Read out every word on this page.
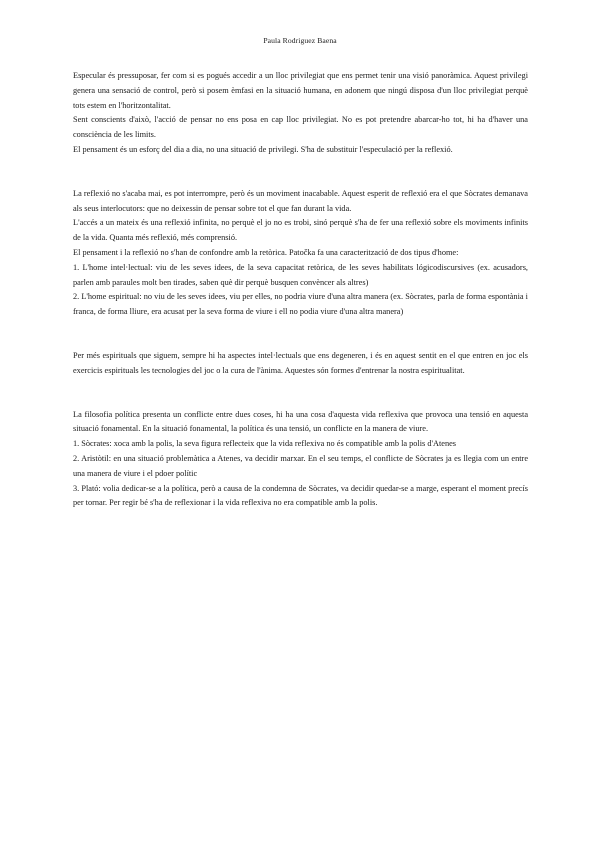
Paula Rodriguez Baena

Especular és pressuposar, fer com si es pogués accedir a un lloc privilegiat que ens permet tenir una visió panoràmica. Aquest privilegi genera una sensació de control, però si posem èmfasi en la situació humana, en adonem que ningú disposa d'un lloc privilegiat perquè tots estem en l'horitzontalitat.

Sent conscients d'això, l'acció de pensar no ens posa en cap lloc privilegiat. No es pot pretendre abarcar-ho tot, hi ha d'haver una consciència de les limits.

El pensament és un esforç del dia a dia, no una situació de privilegi. S'ha de substituir l'especulació per la reflexió.

La reflexió no s'acaba mai, es pot interrompre, però és un moviment inacabable. Aquest esperit de reflexió era el que Sòcrates demanava als seus interlocutors: que no deixessin de pensar sobre tot el que fan durant la vida.

L'accés a un mateix és una reflexió infinita, no perquè el jo no es trobi, sinó perquè s'ha de fer una reflexió sobre els moviments infinits de la vida. Quanta més reflexió, més comprensió.

El pensament i la reflexió no s'han de confondre amb la retòrica. Patočka fa una caracterització de dos tipus d'home:

1. L'home intel·lectual: viu de les seves idees, de la seva capacitat retòrica, de les seves habilitats lógicodiscursives (ex. acusadors, parlen amb paraules molt ben tirades, saben què dir perquè busquen convèncer als altres)

2. L'home espiritual: no viu de les seves idees, viu per elles, no podria viure d'una altra manera (ex. Sòcrates, parla de forma espontània i franca, de forma lliure, era acusat per la seva forma de viure i ell no podia viure d'una altra manera)

Per més espirituals que siguem, sempre hi ha aspectes intel·lectuals que ens degeneren, i és en aquest sentit en el que entren en joc els exercicis espirituals les tecnologies del joc o la cura de l'ànima. Aquestes són formes d'entrenar la nostra espiritualitat.

La filosofia política presenta un conflicte entre dues coses, hi ha una cosa d'aquesta vida reflexiva que provoca una tensió en aquesta situació fonamental. En la situació fonamental, la política és una tensió, un conflicte en la manera de viure.

1. Sòcrates: xoca amb la polis, la seva figura reflecteix que la vida reflexiva no és compatible amb la polis d'Atenes

2. Aristòtil: en una situació problemàtica a Atenes, va decidir marxar. En el seu temps, el conflicte de Sòcrates ja es llegia com un entre una manera de viure i el pdoer polític

3. Plató: volia dedicar-se a la política, però a causa de la condemna de Sòcrates, va decidir quedar-se a marge, esperant el moment precís per tornar. Per regir bé s'ha de reflexionar i la vida reflexiva no era compatible amb la polis.
